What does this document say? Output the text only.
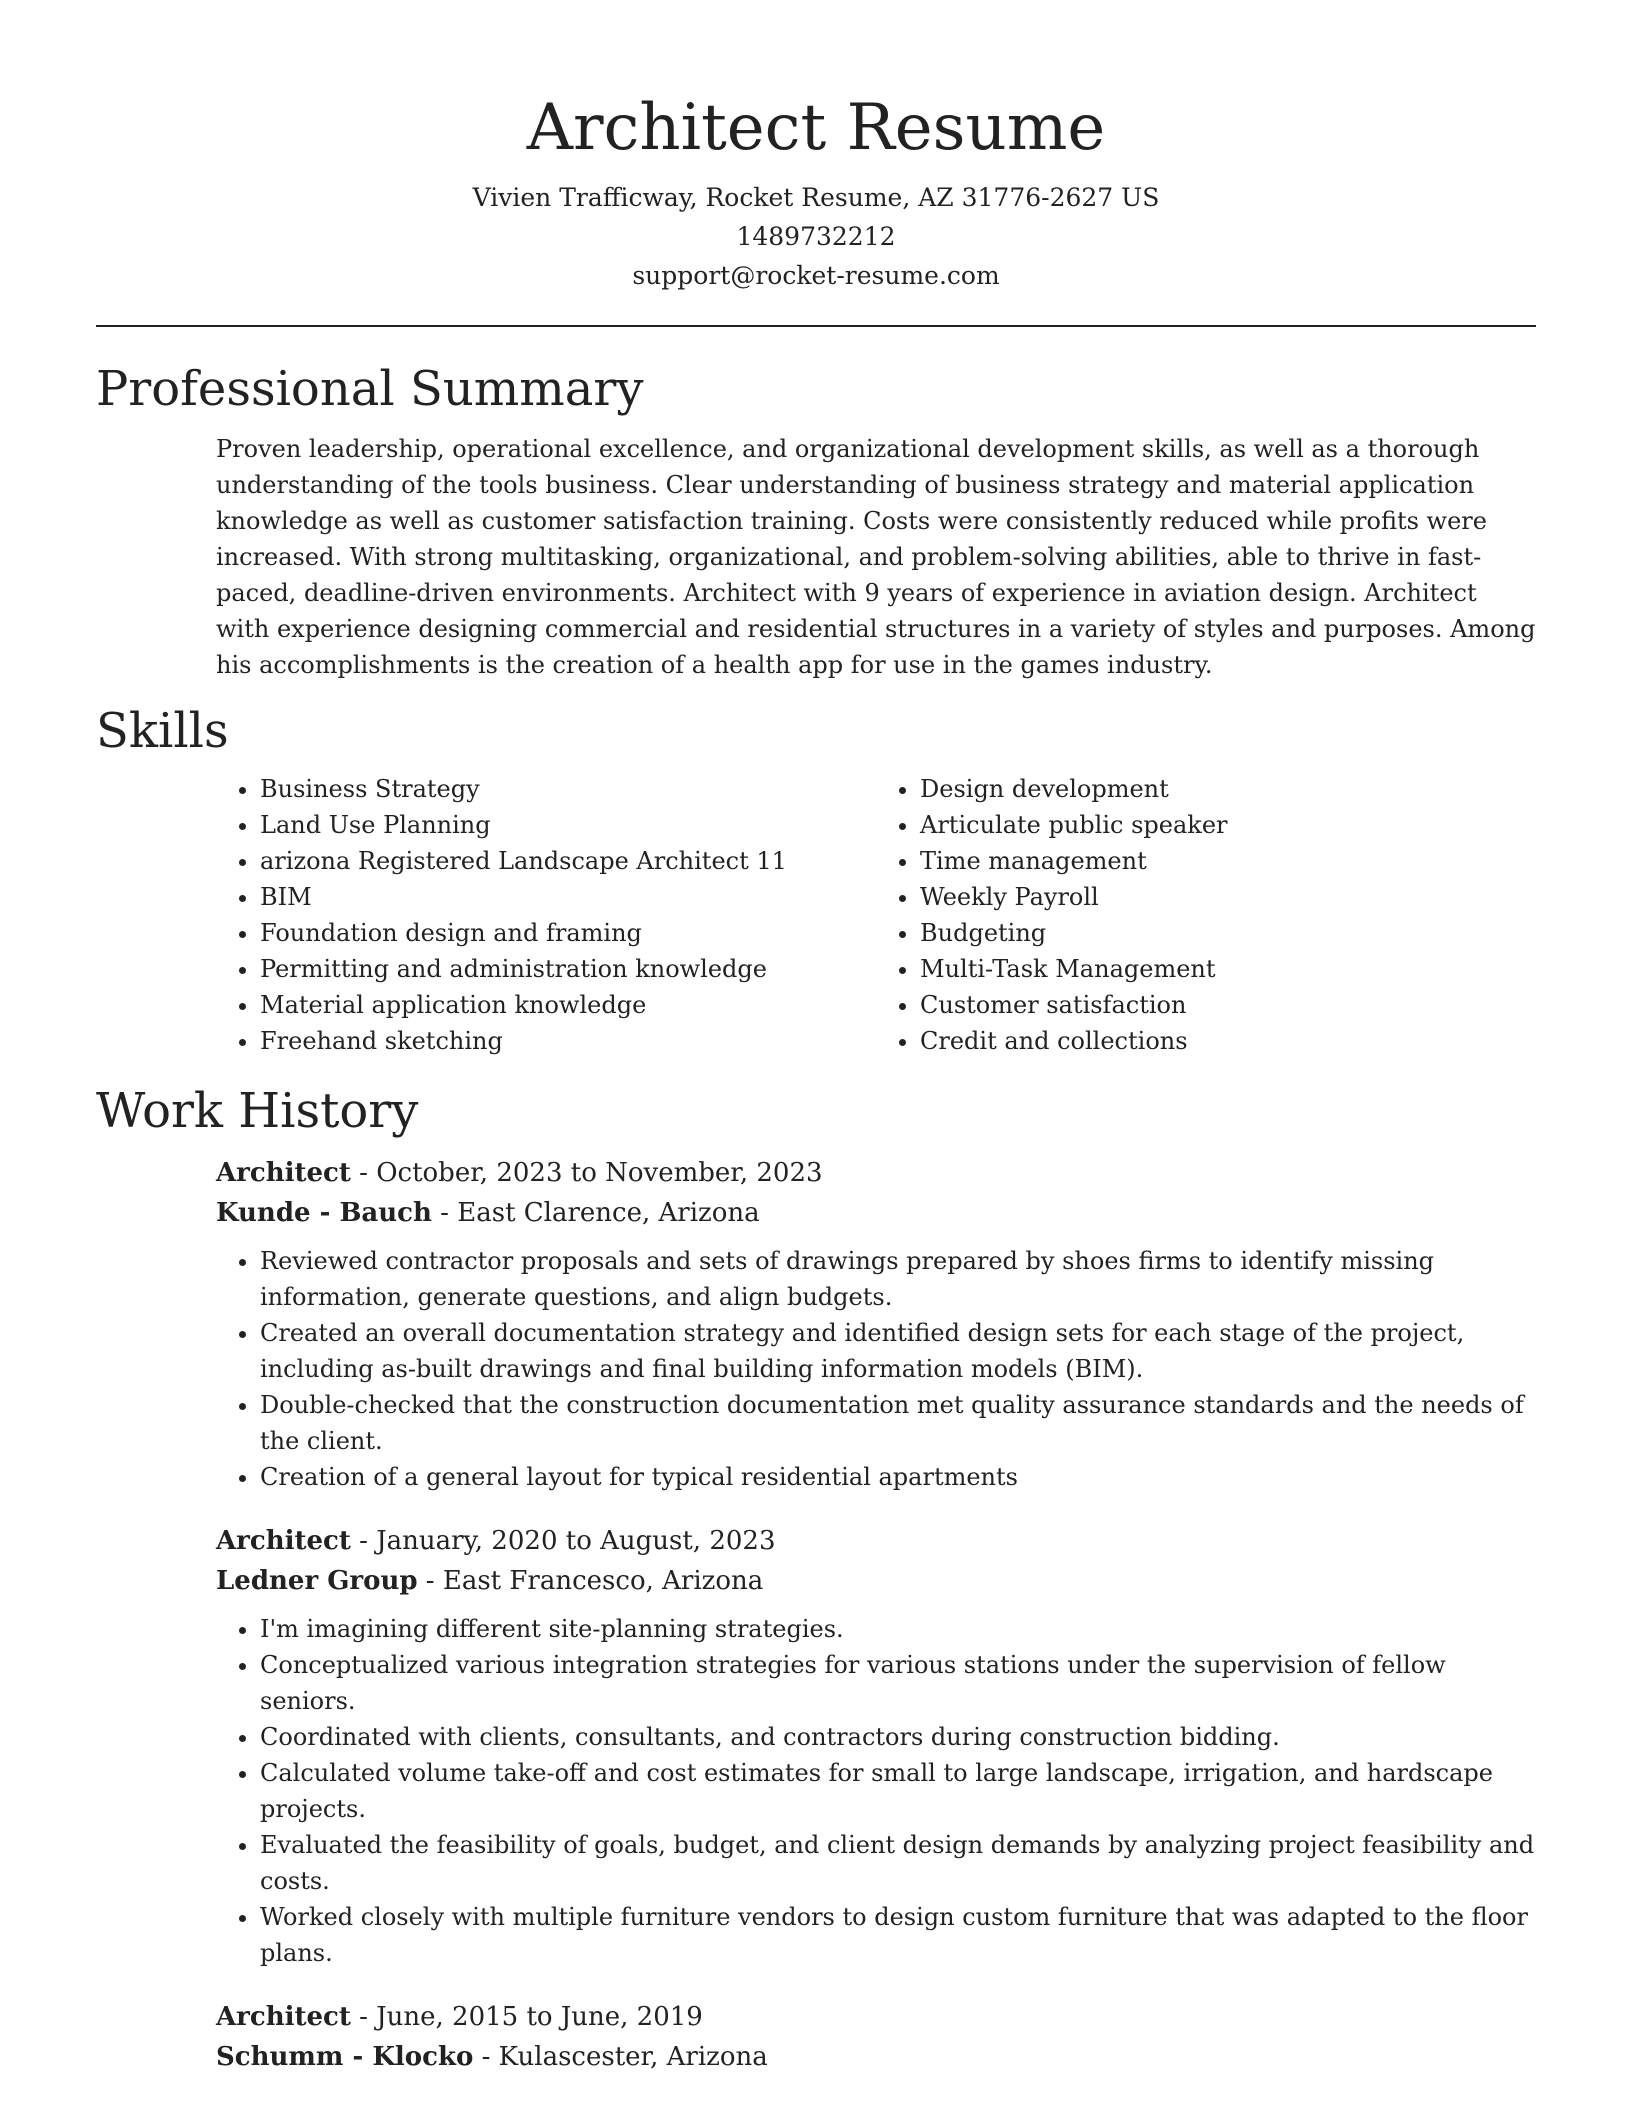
Architect Resume
Vivien Trafficway, Rocket Resume, AZ 31776-2627 US
1489732212
support@rocket-resume.com
Professional Summary

Proven leadership, operational excellence, and organizational development skills, as well as a thorough understanding of the tools business. Clear understanding of business strategy and material application knowledge as well as customer satisfaction training. Costs were consistently reduced while profits were increased. With strong multitasking, organizational, and problem-solving abilities, able to thrive in fast-paced, deadline-driven environments. Architect with 9 years of experience in aviation design. Architect with experience designing commercial and residential structures in a variety of styles and purposes. Among his accomplishments is the creation of a health app for use in the games industry.

Skills
• Business Strategy
• Land Use Planning
• arizona Registered Landscape Architect 11
• BIM
• Foundation design and framing
• Permitting and administration knowledge
• Material application knowledge
• Freehand sketching
• Design development
• Articulate public speaker
• Time management
• Weekly Payroll
• Budgeting
• Multi-Task Management
• Customer satisfaction
• Credit and collections
Work History
Architect - October, 2023 to November, 2023
Kunde - Bauch - East Clarence, Arizona
• Reviewed contractor proposals and sets of drawings prepared by shoes firms to identify missing information, generate questions, and align budgets.
• Created an overall documentation strategy and identified design sets for each stage of the project, including as-built drawings and final building information models (BIM).
• Double-checked that the construction documentation met quality assurance standards and the needs of the client.
• Creation of a general layout for typical residential apartments
Architect - January, 2020 to August, 2023
Ledner Group - East Francesco, Arizona
• I'm imagining different site-planning strategies.
• Conceptualized various integration strategies for various stations under the supervision of fellow seniors.
• Coordinated with clients, consultants, and contractors during construction bidding.
• Calculated volume take-off and cost estimates for small to large landscape, irrigation, and hardscape projects.
• Evaluated the feasibility of goals, budget, and client design demands by analyzing project feasibility and costs.
• Worked closely with multiple furniture vendors to design custom furniture that was adapted to the floor plans.
Architect - June, 2015 to June, 2019
Schumm - Klocko - Kulascester, Arizona
